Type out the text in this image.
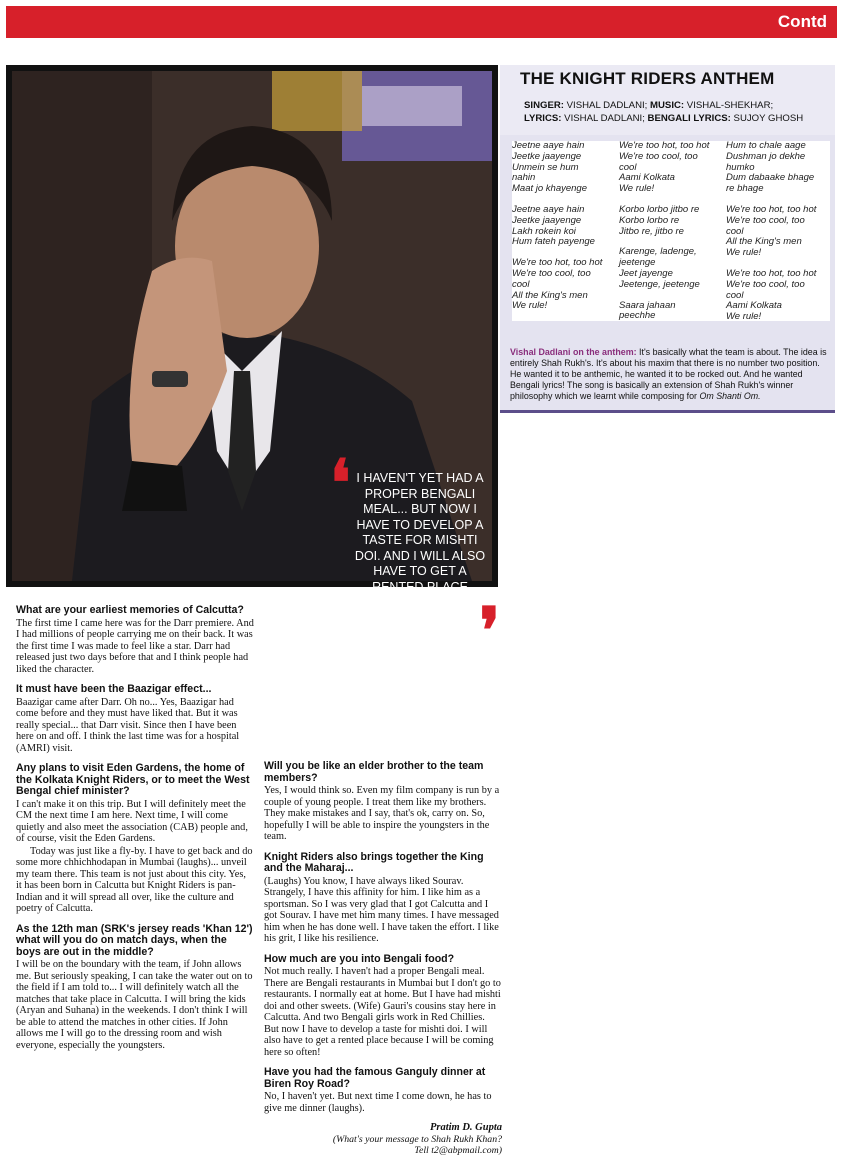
Contd
❛ I HAVEN'T YET HAD A PROPER BENGALI MEAL... BUT NOW I HAVE TO DEVELOP A TASTE FOR MISHTI DOI. AND I WILL ALSO HAVE TO GET A RENTED PLACE BECAUSE I WILL BE COMING HERE SO OFTEN ❜
THE KNIGHT RIDERS ANTHEM
SINGER: VISHAL DADLANI; MUSIC: VISHAL-SHEKHAR;
LYRICS: VISHAL DADLANI; BENGALI LYRICS: SUJOY GHOSH
Jeetne aaye hain
Jeetke jaayenge
Unmein se hum
nahin
Maat jo khayenge
Jeetne aaye hain
Jeetke jaayenge
Lakh rokein koi
Hum fateh payenge
We're too hot, too hot
We're too cool, too
cool
All the King's men
We rule!
We're too hot, too hot
We're too cool, too
cool
Aami Kolkata
We rule!
Korbo lorbo jitbo re
Korbo lorbo re
Jitbo re, jitbo re
Karenge, ladenge,
jeetenge
Jeet jayenge
Jeetenge, jeetenge
Saara jahaan
peechhe
Hum to chale aage
Dushman jo dekhe
humko
Dum dabaake bhage
re bhage
We're too hot, too hot
We're too cool, too
cool
All the King's men
We rule!
We're too hot, too hot
We're too cool, too
cool
Aami Kolkata
We rule!
Vishal Dadlani on the anthem: It's basically what the team is about. The idea is entirely Shah Rukh's. It's about his maxim that there is no number two position. He wanted it to be anthemic, he wanted it to be rocked out. And he wanted Bengali lyrics! The song is basically an extension of Shah Rukh's winner philosophy which we learnt while composing for Om Shanti Om.
What are your earliest memories of Calcutta?
The first time I came here was for the Darr premiere. And I had millions of people carrying me on their back. It was the first time I was made to feel like a star. Darr had released just two days before that and I think people had liked the character.
It must have been the Baazigar effect...
Baazigar came after Darr. Oh no... Yes, Baazigar had come before and they must have liked that. But it was really special... that Darr visit. Since then I have been here on and off. I think the last time was for a hospital (AMRI) visit.
Any plans to visit Eden Gardens, the home of the Kolkata Knight Riders, or to meet the West Bengal chief minister?
I can't make it on this trip. But I will definitely meet the CM the next time I am here. Next time, I will come quietly and also meet the association (CAB) people and, of course, visit the Eden Gardens.
Today was just like a fly-by. I have to get back and do some more chhichhodapan in Mumbai (laughs)... unveil my team there. This team is not just about this city. Yes, it has been born in Calcutta but Knight Riders is pan-Indian and it will spread all over, like the culture and poetry of Calcutta.
As the 12th man (SRK's jersey reads 'Khan 12') what will you do on match days, when the boys are out in the middle?
I will be on the boundary with the team, if John allows me. But seriously speaking, I can take the water out on to the field if I am told to... I will definitely watch all the matches that take place in Calcutta. I will bring the kids (Aryan and Suhana) in the weekends. I don't think I will be able to attend the matches in other cities. If John allows me I will go to the dressing room and wish everyone, especially the youngsters.
Will you be like an elder brother to the team members?
Yes, I would think so. Even my film company is run by a couple of young people. I treat them like my brothers. They make mistakes and I say, that's ok, carry on. So, hopefully I will be able to inspire the youngsters in the team.
Knight Riders also brings together the King and the Maharaj...
(Laughs) You know, I have always liked Sourav. Strangely, I have this affinity for him. I like him as a sportsman. So I was very glad that I got Calcutta and I got Sourav. I have met him many times. I have messaged him when he has done well. I have taken the effort. I like his grit, I like his resilience.
How much are you into Bengali food?
Not much really. I haven't had a proper Bengali meal. There are Bengali restaurants in Mumbai but I don't go to restaurants. I normally eat at home. But I have had mishti doi and other sweets. (Wife) Gauri's cousins stay here in Calcutta. And two Bengali girls work in Red Chillies. But now I have to develop a taste for mishti doi. I will also have to get a rented place because I will be coming here so often!
Have you had the famous Ganguly dinner at Biren Roy Road?
No, I haven't yet. But next time I come down, he has to give me dinner (laughs).
Pratim D. Gupta
(What's your message to Shah Rukh Khan?
Tell t2@abpmail.com)
